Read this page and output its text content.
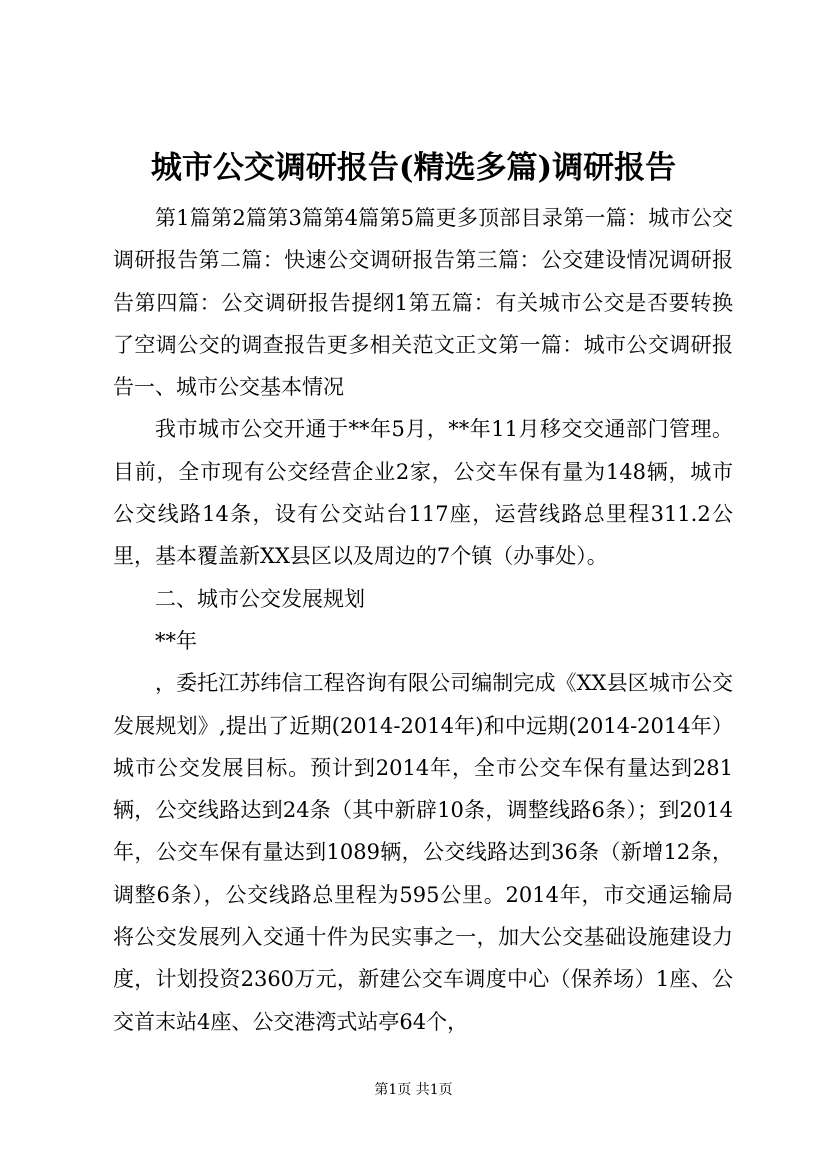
城市公交调研报告(精选多篇)调研报告

第1篇第2篇第3篇第4篇第5篇更多顶部目录第一篇：城市公交调研报告第二篇：快速公交调研报告第三篇：公交建设情况调研报告第四篇：公交调研报告提纲1第五篇：有关城市公交是否要转换了空调公交的调查报告更多相关范文正文第一篇：城市公交调研报告一、城市公交基本情况

我市城市公交开通于**年5月，**年11月移交交通部门管理。目前，全市现有公交经营企业2家，公交车保有量为148辆，城市公交线路14条，设有公交站台117座，运营线路总里程311.2公里，基本覆盖新XX县区以及周边的7个镇（办事处）。

二、城市公交发展规划

**年

，委托江苏纬信工程咨询有限公司编制完成《XX县区城市公交发展规划》,提出了近期(2014-2014年)和中远期(2014-2014年）城市公交发展目标。预计到2014年，全市公交车保有量达到281辆，公交线路达到24条（其中新辟10条，调整线路6条）；到2014年，公交车保有量达到1089辆，公交线路达到36条（新增12条，调整6条），公交线路总里程为595公里。2014年，市交通运输局将公交发展列入交通十件为民实事之一，加大公交基础设施建设力度，计划投资2360万元，新建公交车调度中心（保养场）1座、公交首末站4座、公交港湾式站亭64个，

第1页 共1页
